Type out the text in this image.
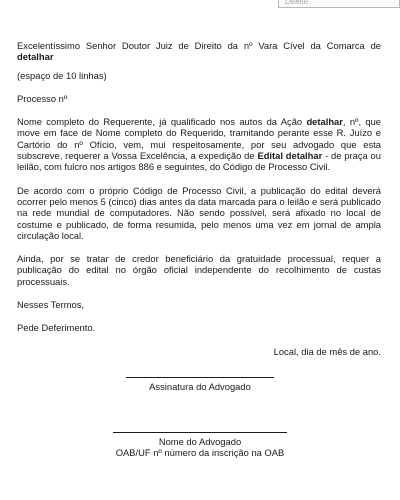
Delete

Excelentíssimo Senhor Doutor Juiz de Direito da nº Vara Cível da Comarca de detalhar

(espaço de 10 linhas)

Processo nº

Nome completo do Requerente, já qualificado nos autos da Ação detalhar, nº, que move em face de Nome completo do Requerido, tramitando perante esse R. Juízo e Cartório do nº Ofício, vem, mui respeitosamente, por seu advogado que esta subscreve, requerer a Vossa Excelência, a expedição de Edital detalhar - de praça ou leilão, com fulcro nos artigos 886 e seguintes, do Código de Processo Civil.

De acordo com o próprio Código de Processo Civil, a publicação do edital deverá ocorrer pelo menos 5 (cinco) dias antes da data marcada para o leilão e será publicado na rede mundial de computadores. Não sendo possível, será afixado no local de costume e publicado, de forma resumida, pelo menos uma vez em jornal de ampla circulação local.

Ainda, por se tratar de credor beneficiário da gratuidade processual, requer a publicação do edital no órgão oficial independente do recolhimento de custas processuais.

Nesses Termos,

Pede Deferimento.

Local, dia de mês de ano.

Assinatura do Advogado
Nome do Advogado
OAB/UF nº número da inscrição na OAB
